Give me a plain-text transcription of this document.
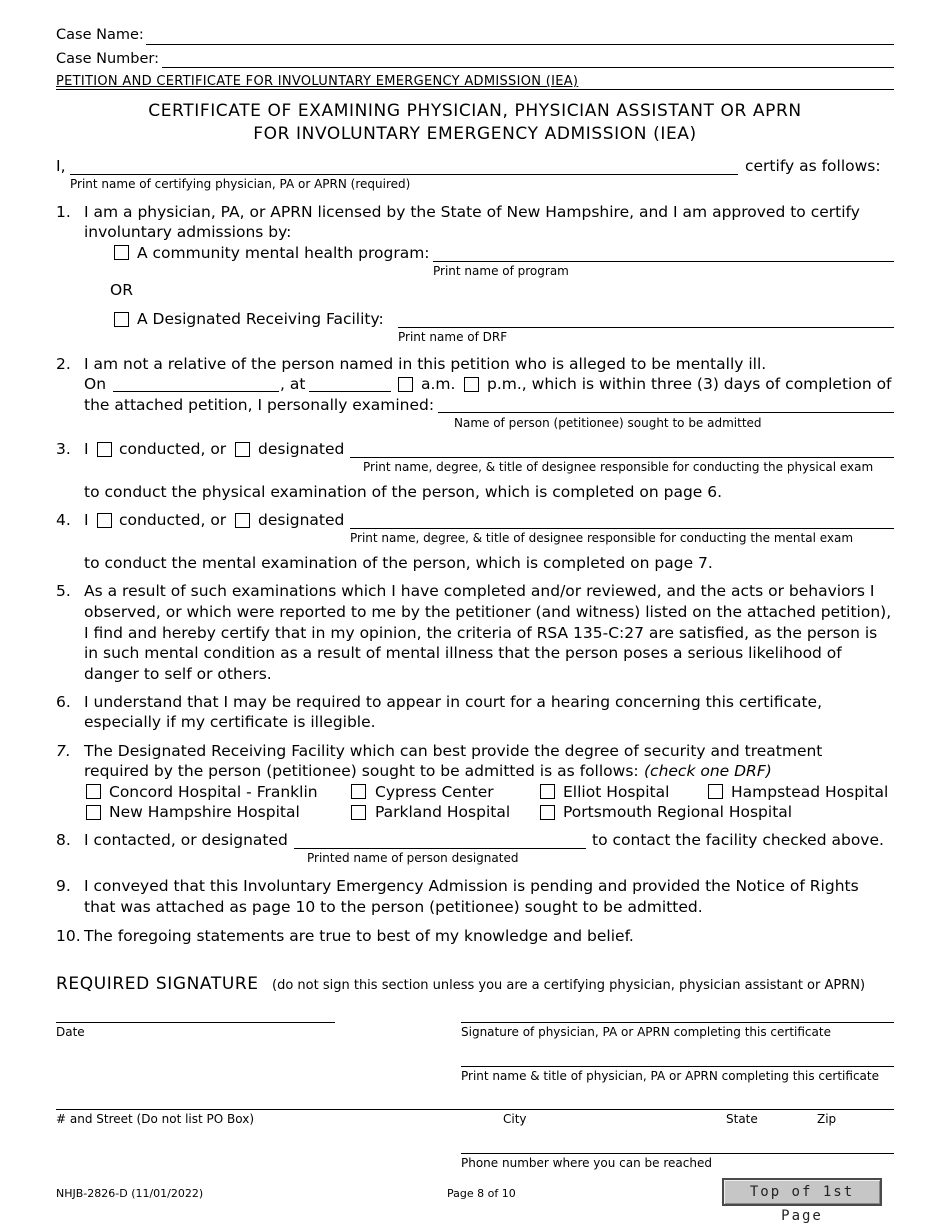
Case Name:
Case Number:
PETITION AND CERTIFICATE FOR INVOLUNTARY EMERGENCY ADMISSION (IEA)
CERTIFICATE OF EXAMINING PHYSICIAN, PHYSICIAN ASSISTANT OR APRN
FOR INVOLUNTARY EMERGENCY ADMISSION (IEA)
I,	certify as follows:
Print name of certifying physician, PA or APRN (required)
1. I am a physician, PA, or APRN licensed by the State of New Hampshire, and I am approved to certify
involuntary admissions by:
A community mental health program:
Print name of program
OR
A Designated Receiving Facility:
Print name of DRF
2. I am not a relative of the person named in this petition who is alleged to be mentally ill.
On	, at	a.m. p.m., which is within three (3) days of completion of
the attached petition, I personally examined:
Name of person (petitionee) sought to be admitted
3. I conducted, or designated
Print name, degree, & title of designee responsible for conducting the physical exam
to conduct the physical examination of the person, which is completed on page 6.
4. I conducted, or designated
Print name, degree, & title of designee responsible for conducting the mental exam
to conduct the mental examination of the person, which is completed on page 7.
5. As a result of such examinations which I have completed and/or reviewed, and the acts or behaviors I
observed, or which were reported to me by the petitioner (and witness) listed on the attached petition),
I find and hereby certify that in my opinion, the criteria of RSA 135-C:27 are satisfied, as the person is
in such mental condition as a result of mental illness that the person poses a serious likelihood of
danger to self or others.
6. I understand that I may be required to appear in court for a hearing concerning this certificate,
especially if my certificate is illegible.
7. The Designated Receiving Facility which can best provide the degree of security and treatment
required by the person (petitionee) sought to be admitted is as follows: (check one DRF)
Concord Hospital - Franklin	Cypress Center	Elliot Hospital	Hampstead Hospital
New Hampshire Hospital	Parkland Hospital	Portsmouth Regional Hospital
8. I contacted, or designated	to contact the facility checked above.
Printed name of person designated
9. I conveyed that this Involuntary Emergency Admission is pending and provided the Notice of Rights
that was attached as page 10 to the person (petitionee) sought to be admitted.
10. The foregoing statements are true to best of my knowledge and belief.
REQUIRED SIGNATURE (do not sign this section unless you are a certifying physician, physician assistant or APRN)
Date	Signature of physician, PA or APRN completing this certificate
Print name & title of physician, PA or APRN completing this certificate
# and Street (Do not list PO Box)	City	State	Zip
Phone number where you can be reached
NHJB-2826-D (11/01/2022)	Page 8 of 10	Top of 1st Page
